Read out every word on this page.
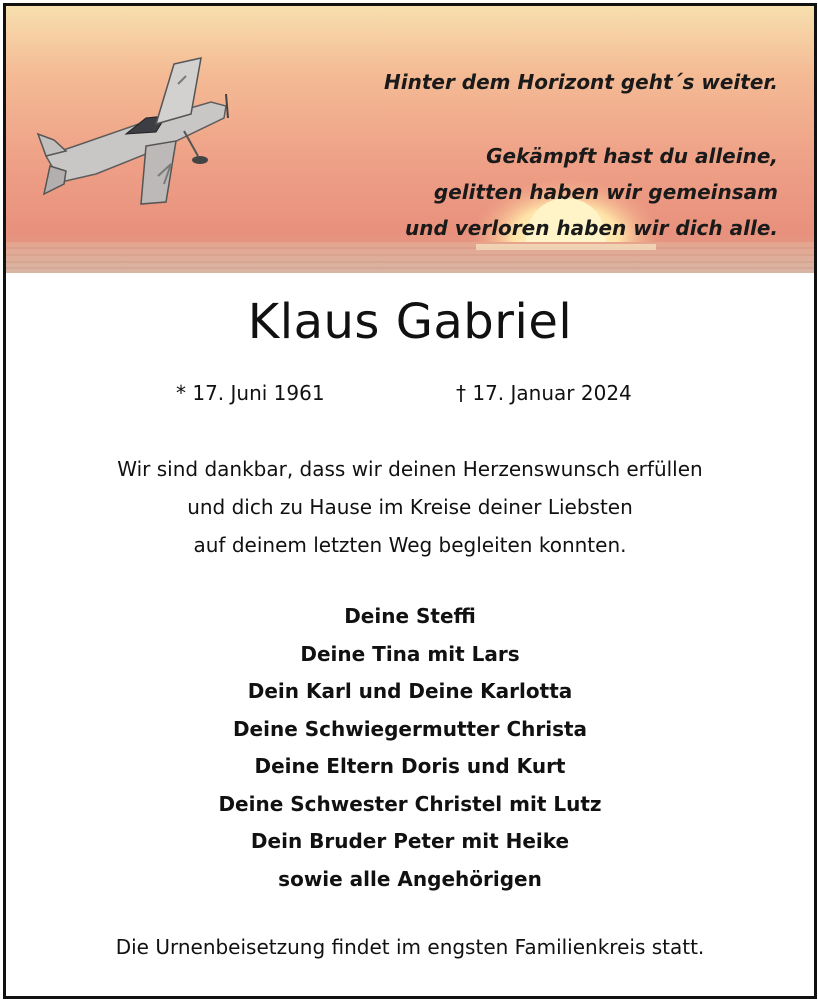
Hinter dem Horizont geht´s weiter.
Gekämpft hast du alleine,
gelitten haben wir gemeinsam
und verloren haben wir dich alle.
Klaus Gabriel
* 17. Juni 1961	† 17. Januar 2024
Wir sind dankbar, dass wir deinen Herzenswunsch erfüllen
und dich zu Hause im Kreise deiner Liebsten
auf deinem letzten Weg begleiten konnten.
Deine Steffi
Deine Tina mit Lars
Dein Karl und Deine Karlotta
Deine Schwiegermutter Christa
Deine Eltern Doris und Kurt
Deine Schwester Christel mit Lutz
Dein Bruder Peter mit Heike
sowie alle Angehörigen
Die Urnenbeisetzung findet im engsten Familienkreis statt.
